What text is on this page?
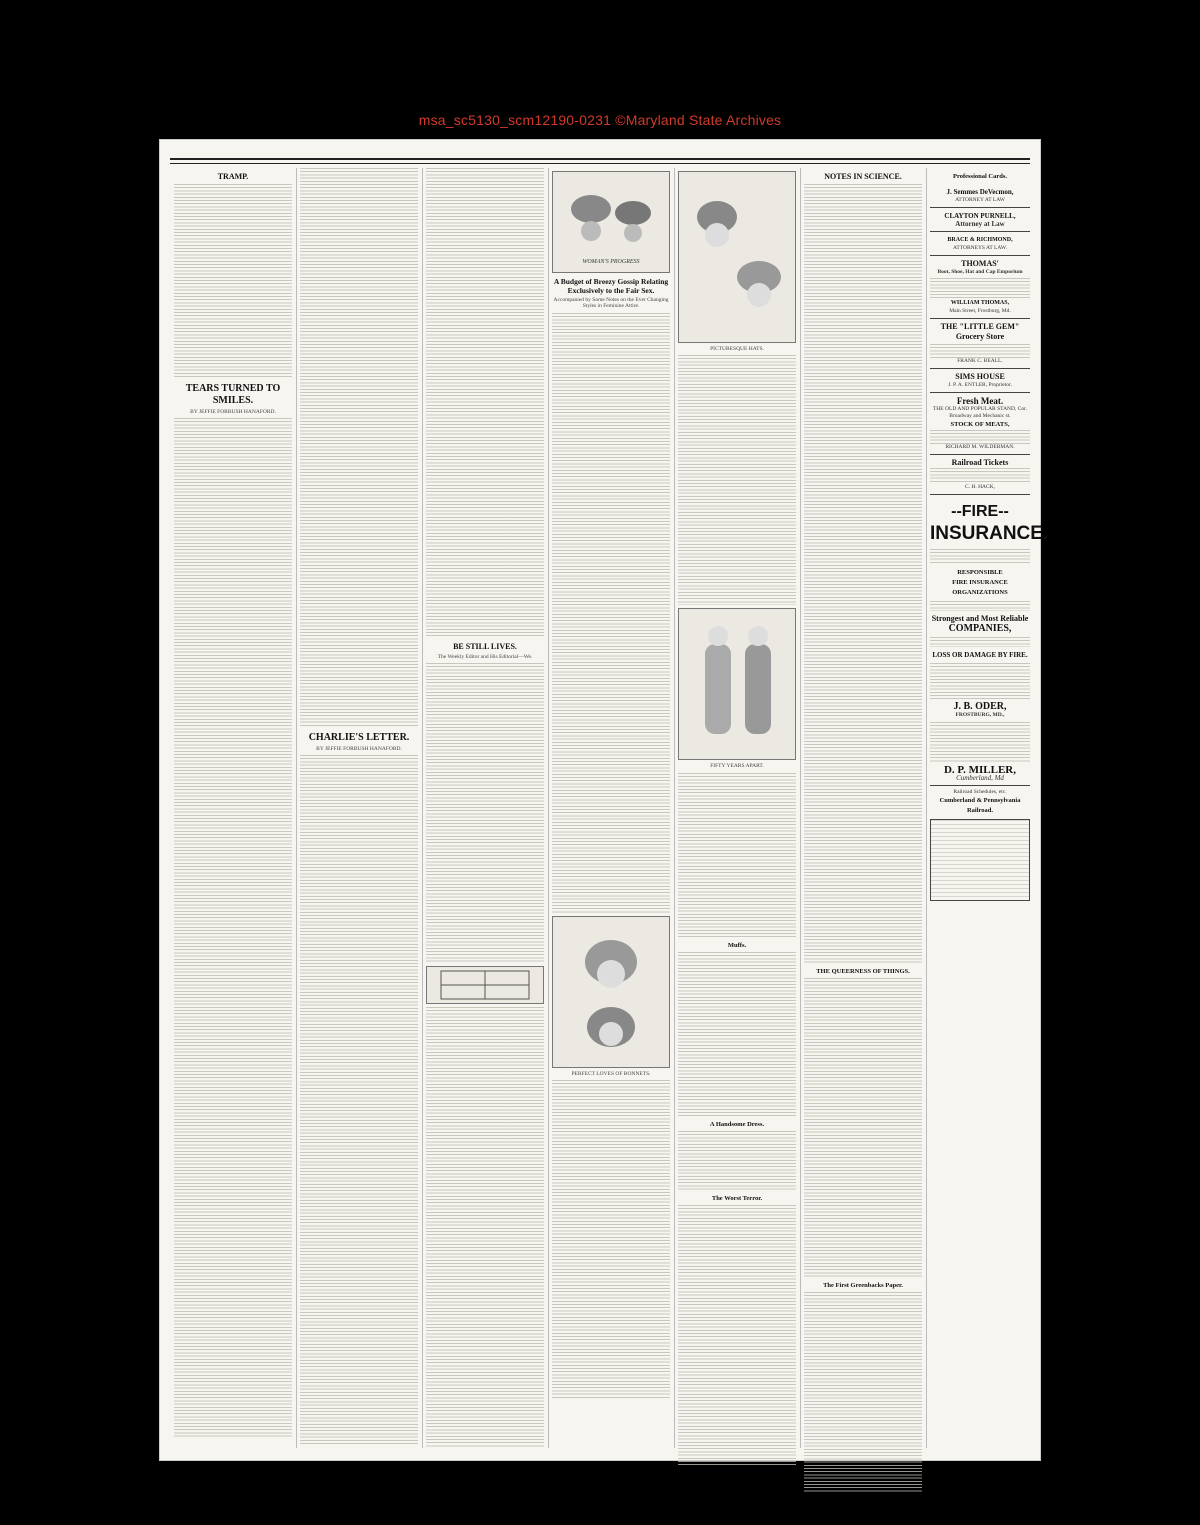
msa_sc5130_scm12190-0231 ©Maryland State Archives
TRAMP.
TEARS TURNED TO SMILES.
BY JEFFIE FORBUSH HANAFORD.
CHARLIE'S LETTER.
BY JEFFIE FORBUSH HANAFORD.
BE STILL LIVES.
The Weekly Editor and His Editorial—We.
WOMAN'S PROGRESS
A Budget of Breezy Gossip Relating Exclusively to the Fair Sex.
Accompanied by Some Notes on the Ever Changing Styles in Feminine Attire.
PERFECT LOVES OF BONNETS.
PICTURESQUE HATS.
FIFTY YEARS APART.
Muffs.
A Handsome Dress.
The Worst Terror.
NOTES IN SCIENCE.
THE QUEERNESS OF THINGS.
The First Greenbacks Paper.
Professional Cards.
J. Semmes DeVecmon,
ATTORNEY AT LAW
CLAYTON PURNELL,
Attorney at Law
BRACE & RICHMOND,
ATTORNEYS AT LAW.
THOMAS'
Boot, Shoe, Hat and Cap Emporium
WILLIAM THOMAS,
Main Street, Frostburg, Md.
THE "LITTLE GEM" Grocery Store
FRANK C. BEALL.
SIMS HOUSE
J. P. A. ENTLER, Proprietor.
Fresh Meat.
THE OLD AND POPULAR STAND, Cor. Broadway and Mechanic st.
STOCK OF MEATS,
RICHARD M. WILDERMAN.
Railroad Tickets
C. H. HACK,
--FIRE--
INSURANCE.
RESPONSIBLE
FIRE INSURANCE ORGANIZATIONS
Strongest and Most Reliable
COMPANIES,
LOSS OR DAMAGE BY FIRE.
J. B. ODER,
FROSTBURG, MD.,
D. P. MILLER,
Cumberland, Md
Railroad Schedules, etc.
Cumberland & Pennsylvania Railroad.
